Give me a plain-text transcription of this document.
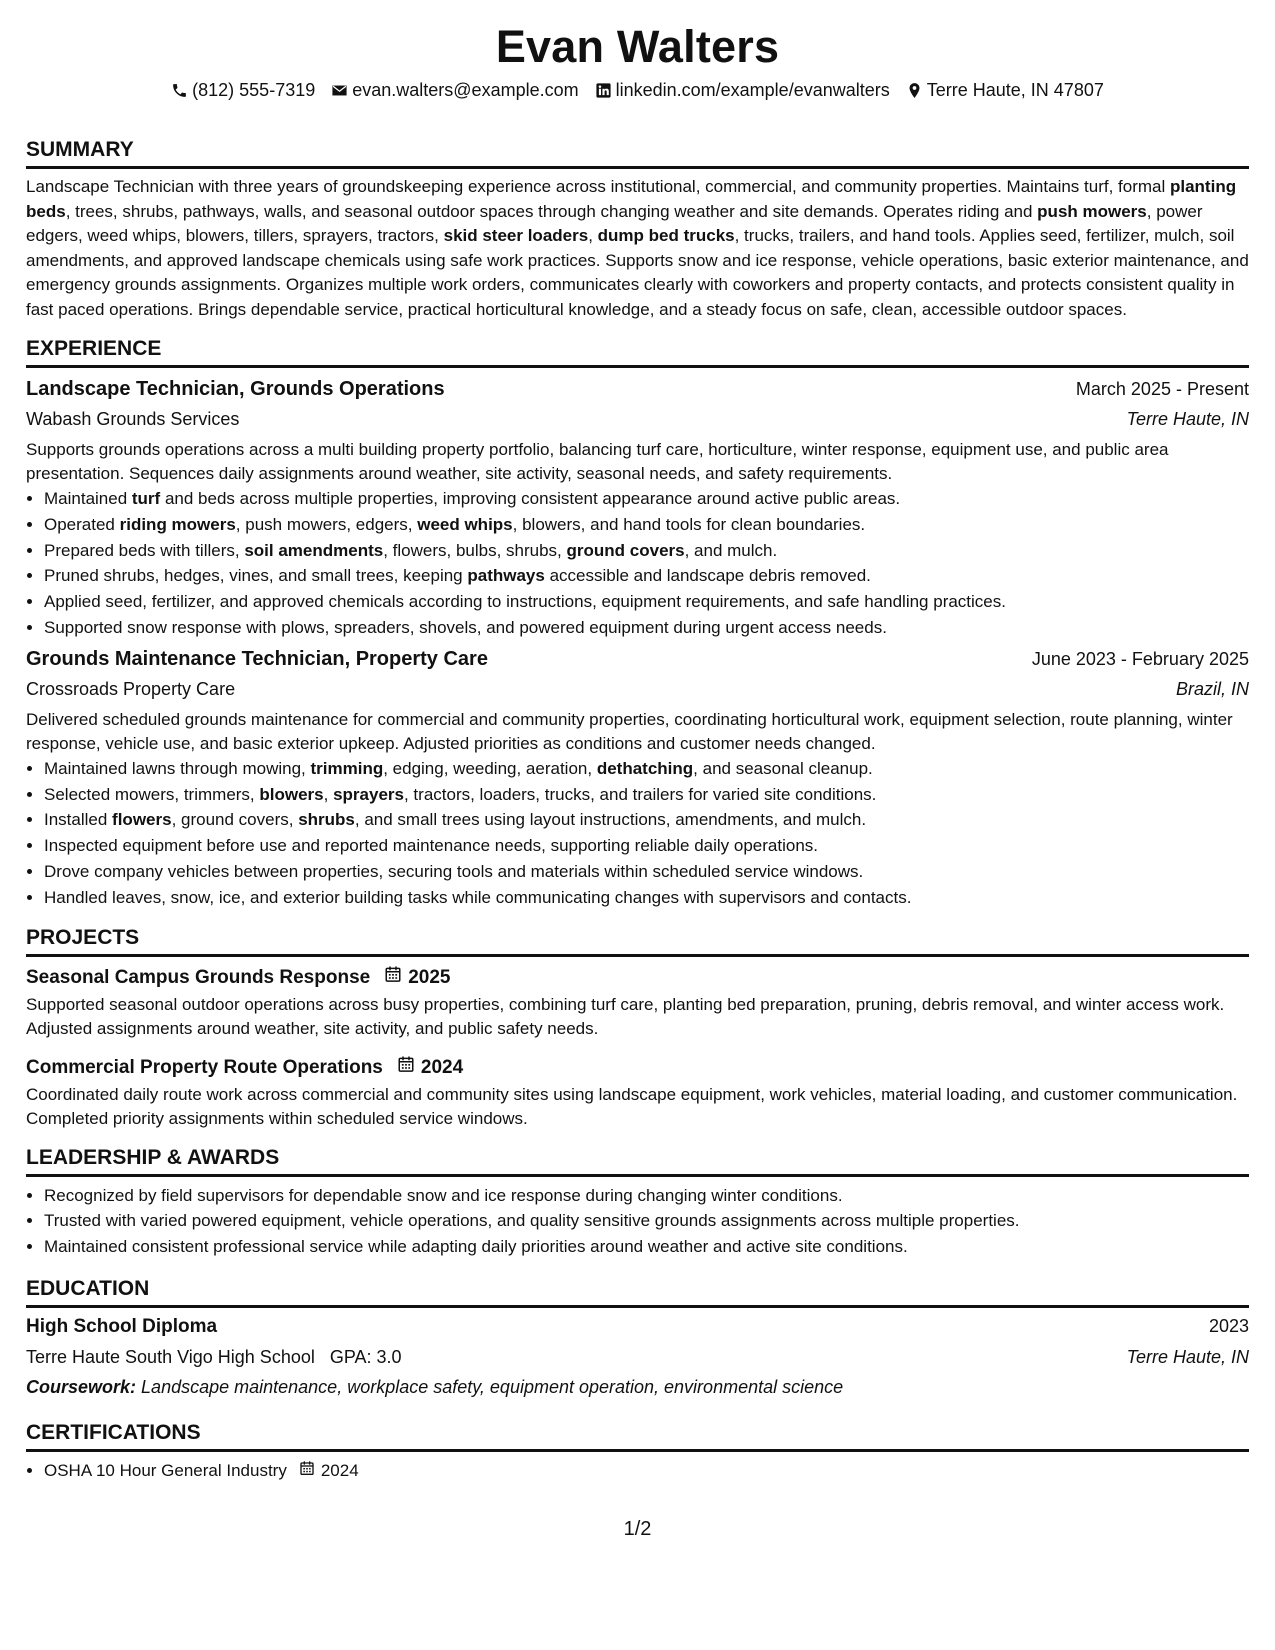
Evan Walters
(812) 555-7319 evan.walters@example.com linkedin.com/example/evanwalters Terre Haute, IN 47807
SUMMARY

Landscape Technician with three years of groundskeeping experience across institutional, commercial, and community properties. Maintains turf, formal planting beds, trees, shrubs, pathways, walls, and seasonal outdoor spaces through changing weather and site demands. Operates riding and push mowers, power edgers, weed whips, blowers, tillers, sprayers, tractors, skid steer loaders, dump bed trucks, trucks, trailers, and hand tools. Applies seed, fertilizer, mulch, soil amendments, and approved landscape chemicals using safe work practices. Supports snow and ice response, vehicle operations, basic exterior maintenance, and emergency grounds assignments. Organizes multiple work orders, communicates clearly with coworkers and property contacts, and protects consistent quality in fast paced operations. Brings dependable service, practical horticultural knowledge, and a steady focus on safe, clean, accessible outdoor spaces.

EXPERIENCE
Landscape Technician, Grounds Operations	March 2025 - Present
Wabash Grounds Services	Terre Haute, IN

Supports grounds operations across a multi building property portfolio, balancing turf care, horticulture, winter response, equipment use, and public area presentation. Sequences daily assignments around weather, site activity, seasonal needs, and safety requirements.

• Maintained turf and beds across multiple properties, improving consistent appearance around active public areas.
• Operated riding mowers, push mowers, edgers, weed whips, blowers, and hand tools for clean boundaries.
• Prepared beds with tillers, soil amendments, flowers, bulbs, shrubs, ground covers, and mulch.
• Pruned shrubs, hedges, vines, and small trees, keeping pathways accessible and landscape debris removed.
• Applied seed, fertilizer, and approved chemicals according to instructions, equipment requirements, and safe handling practices.
• Supported snow response with plows, spreaders, shovels, and powered equipment during urgent access needs.
Grounds Maintenance Technician, Property Care	June 2023 - February 2025
Crossroads Property Care	Brazil, IN

Delivered scheduled grounds maintenance for commercial and community properties, coordinating horticultural work, equipment selection, route planning, winter response, vehicle use, and basic exterior upkeep. Adjusted priorities as conditions and customer needs changed.

• Maintained lawns through mowing, trimming, edging, weeding, aeration, dethatching, and seasonal cleanup.
• Selected mowers, trimmers, blowers, sprayers, tractors, loaders, trucks, and trailers for varied site conditions.
• Installed flowers, ground covers, shrubs, and small trees using layout instructions, amendments, and mulch.
• Inspected equipment before use and reported maintenance needs, supporting reliable daily operations.
• Drove company vehicles between properties, securing tools and materials within scheduled service windows.
• Handled leaves, snow, ice, and exterior building tasks while communicating changes with supervisors and contacts.
PROJECTS
Seasonal Campus Grounds Response 2025

Supported seasonal outdoor operations across busy properties, combining turf care, planting bed preparation, pruning, debris removal, and winter access work. Adjusted assignments around weather, site activity, and public safety needs.

Commercial Property Route Operations 2024

Coordinated daily route work across commercial and community sites using landscape equipment, work vehicles, material loading, and customer communication. Completed priority assignments within scheduled service windows.

LEADERSHIP & AWARDS
• Recognized by field supervisors for dependable snow and ice response during changing winter conditions.
• Trusted with varied powered equipment, vehicle operations, and quality sensitive grounds assignments across multiple properties.
• Maintained consistent professional service while adapting daily priorities around weather and active site conditions.
EDUCATION
High School Diploma	2023
Terre Haute South Vigo High School GPA: 3.0	Terre Haute, IN
Coursework: Landscape maintenance, workplace safety, equipment operation, environmental science
CERTIFICATIONS
• OSHA 10 Hour General Industry 2024
1/2
